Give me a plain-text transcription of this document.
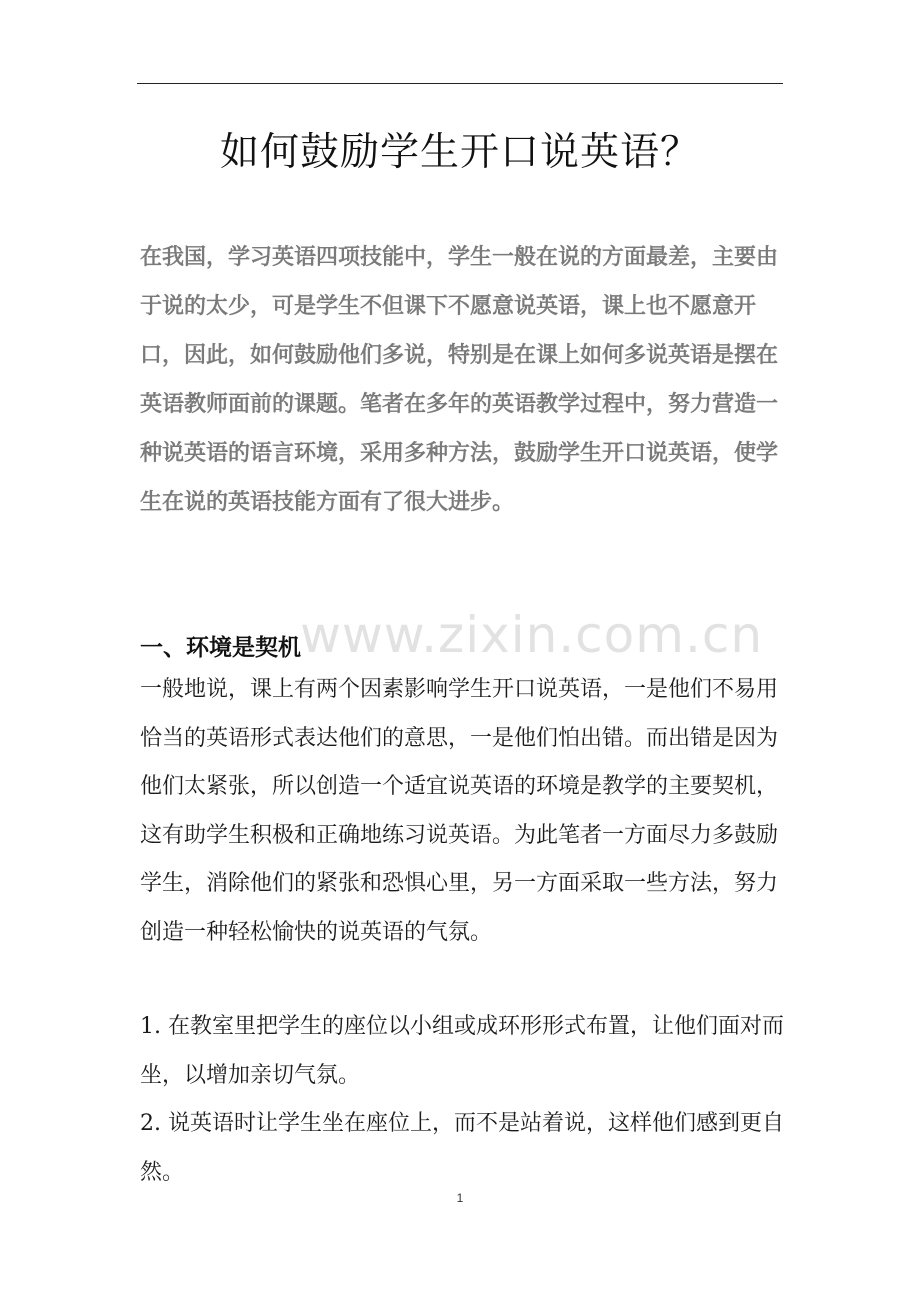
如何鼓励学生开口说英语？

在我国，学习英语四项技能中，学生一般在说的方面最差，主要由于说的太少，可是学生不但课下不愿意说英语，课上也不愿意开口，因此，如何鼓励他们多说，特别是在课上如何多说英语是摆在英语教师面前的课题。笔者在多年的英语教学过程中，努力营造一种说英语的语言环境，采用多种方法，鼓励学生开口说英语，使学生在说的英语技能方面有了很大进步。

www.zixin.com.cn
一、环境是契机

一般地说，课上有两个因素影响学生开口说英语，一是他们不易用恰当的英语形式表达他们的意思，一是他们怕出错。而出错是因为他们太紧张，所以创造一个适宜说英语的环境是教学的主要契机，这有助学生积极和正确地练习说英语。为此笔者一方面尽力多鼓励学生，消除他们的紧张和恐惧心里，另一方面采取一些方法，努力创造一种轻松愉快的说英语的气氛。

1. 在教室里把学生的座位以小组或成环形形式布置，让他们面对而坐，以增加亲切气氛。

2. 说英语时让学生坐在座位上，而不是站着说，这样他们感到更自然。

1
